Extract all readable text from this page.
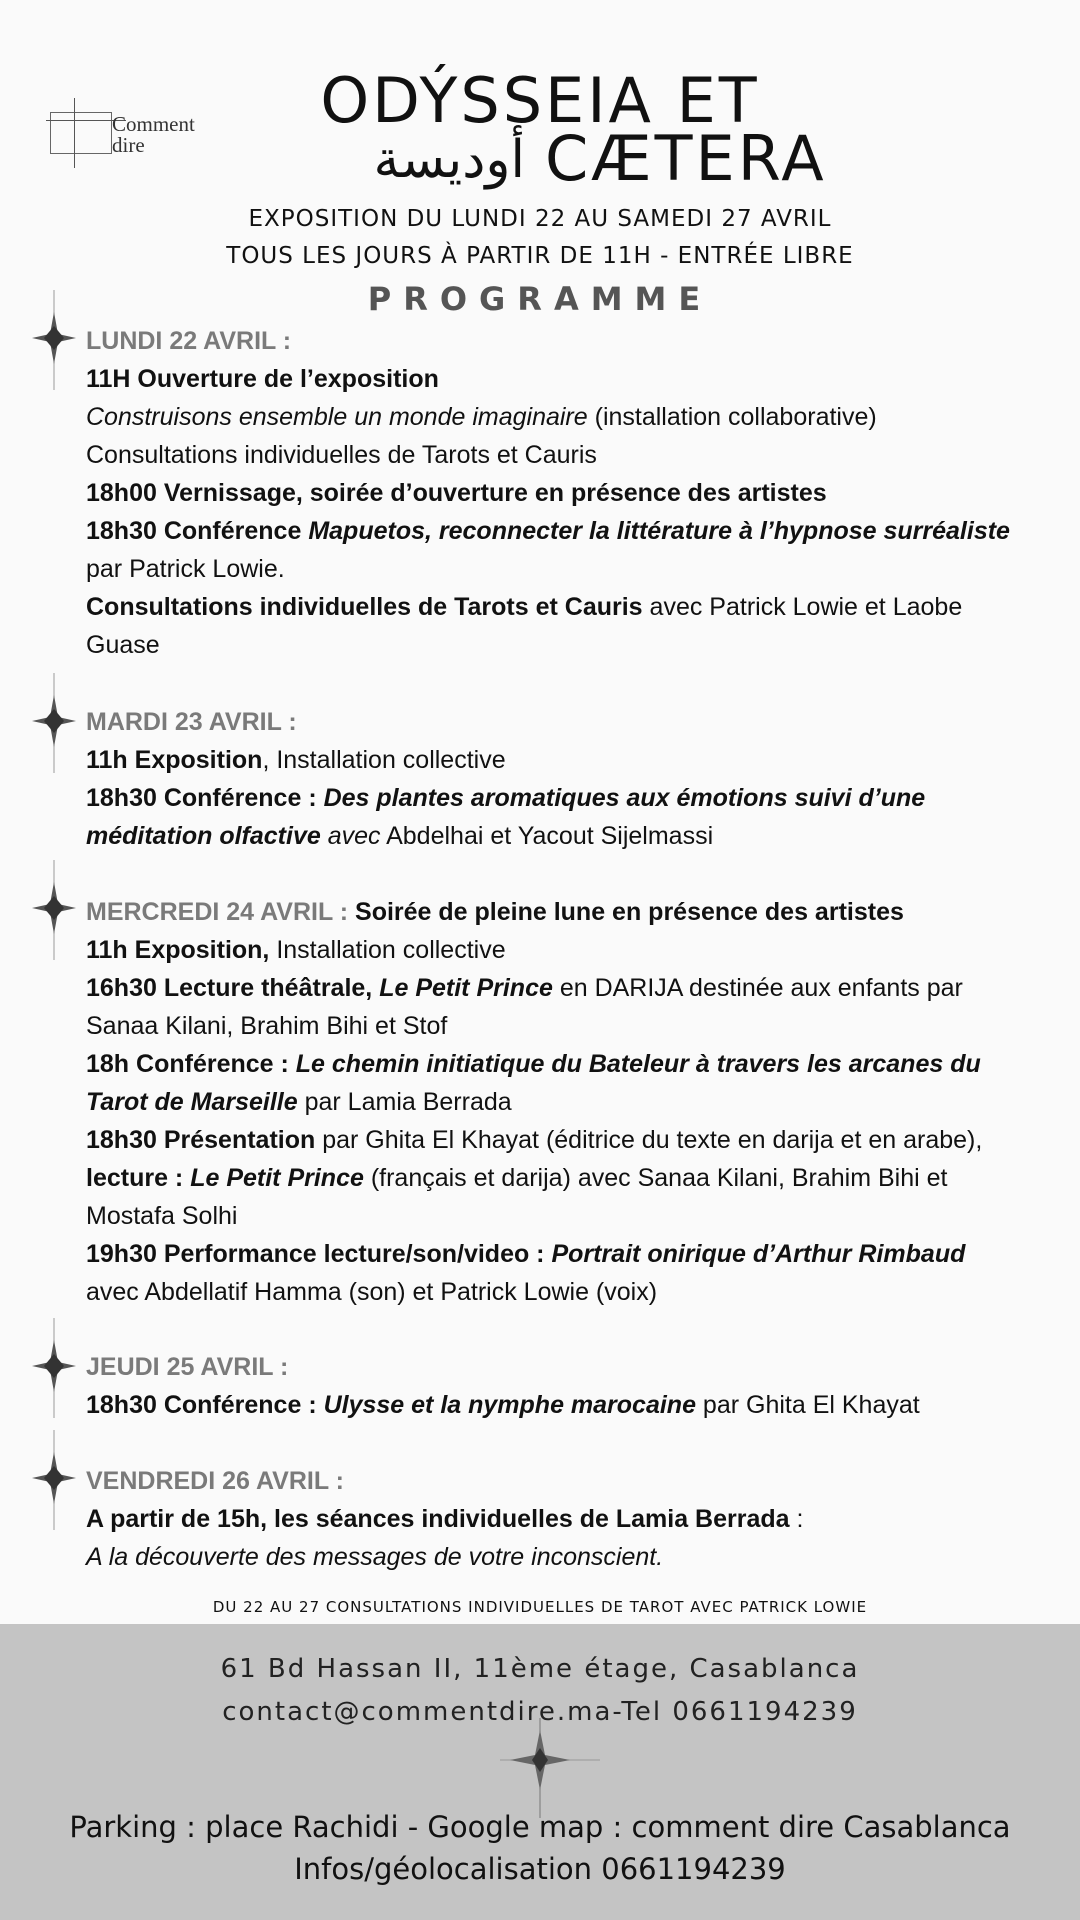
Comment
dire
ODÝSSEIA ET
أوديسة CÆTERA
EXPOSITION DU LUNDI 22 AU SAMEDI 27 AVRIL
TOUS LES JOURS À PARTIR DE 11H - ENTRÉE LIBRE
PROGRAMME
LUNDI 22 AVRIL :
11H Ouverture de l’exposition
Construisons ensemble un monde imaginaire (installation collaborative)
Consultations individuelles de Tarots et Cauris
18h00 Vernissage, soirée d’ouverture en présence des artistes
18h30 Conférence Mapuetos, reconnecter la littérature à l’hypnose surréaliste
par Patrick Lowie.
Consultations individuelles de Tarots et Cauris avec Patrick Lowie et Laobe
Guase
MARDI 23 AVRIL :
11h Exposition, Installation collective
18h30 Conférence : Des plantes aromatiques aux émotions suivi d’une
méditation olfactive avec Abdelhai et Yacout Sijelmassi
MERCREDI 24 AVRIL : Soirée de pleine lune en présence des artistes
11h Exposition, Installation collective
16h30 Lecture théâtrale, Le Petit Prince en DARIJA destinée aux enfants par
Sanaa Kilani, Brahim Bihi et Stof
18h Conférence : Le chemin initiatique du Bateleur à travers les arcanes du
Tarot de Marseille par Lamia Berrada
18h30 Présentation par Ghita El Khayat (éditrice du texte en darija et en arabe),
lecture : Le Petit Prince (français et darija) avec Sanaa Kilani, Brahim Bihi et
Mostafa Solhi
19h30 Performance lecture/son/video : Portrait onirique d’Arthur Rimbaud
avec Abdellatif Hamma (son) et Patrick Lowie (voix)
JEUDI 25 AVRIL :
18h30 Conférence : Ulysse et la nymphe marocaine par Ghita El Khayat
VENDREDI 26 AVRIL :
A partir de 15h, les séances individuelles de Lamia Berrada :
A la découverte des messages de votre inconscient.
DU 22 AU 27 CONSULTATIONS INDIVIDUELLES DE TAROT AVEC PATRICK LOWIE
61 Bd Hassan II, 11ème étage, Casablanca
contact@commentdire.ma-Tel 0661194239
Parking : place Rachidi - Google map : comment dire Casablanca
Infos/géolocalisation 0661194239
